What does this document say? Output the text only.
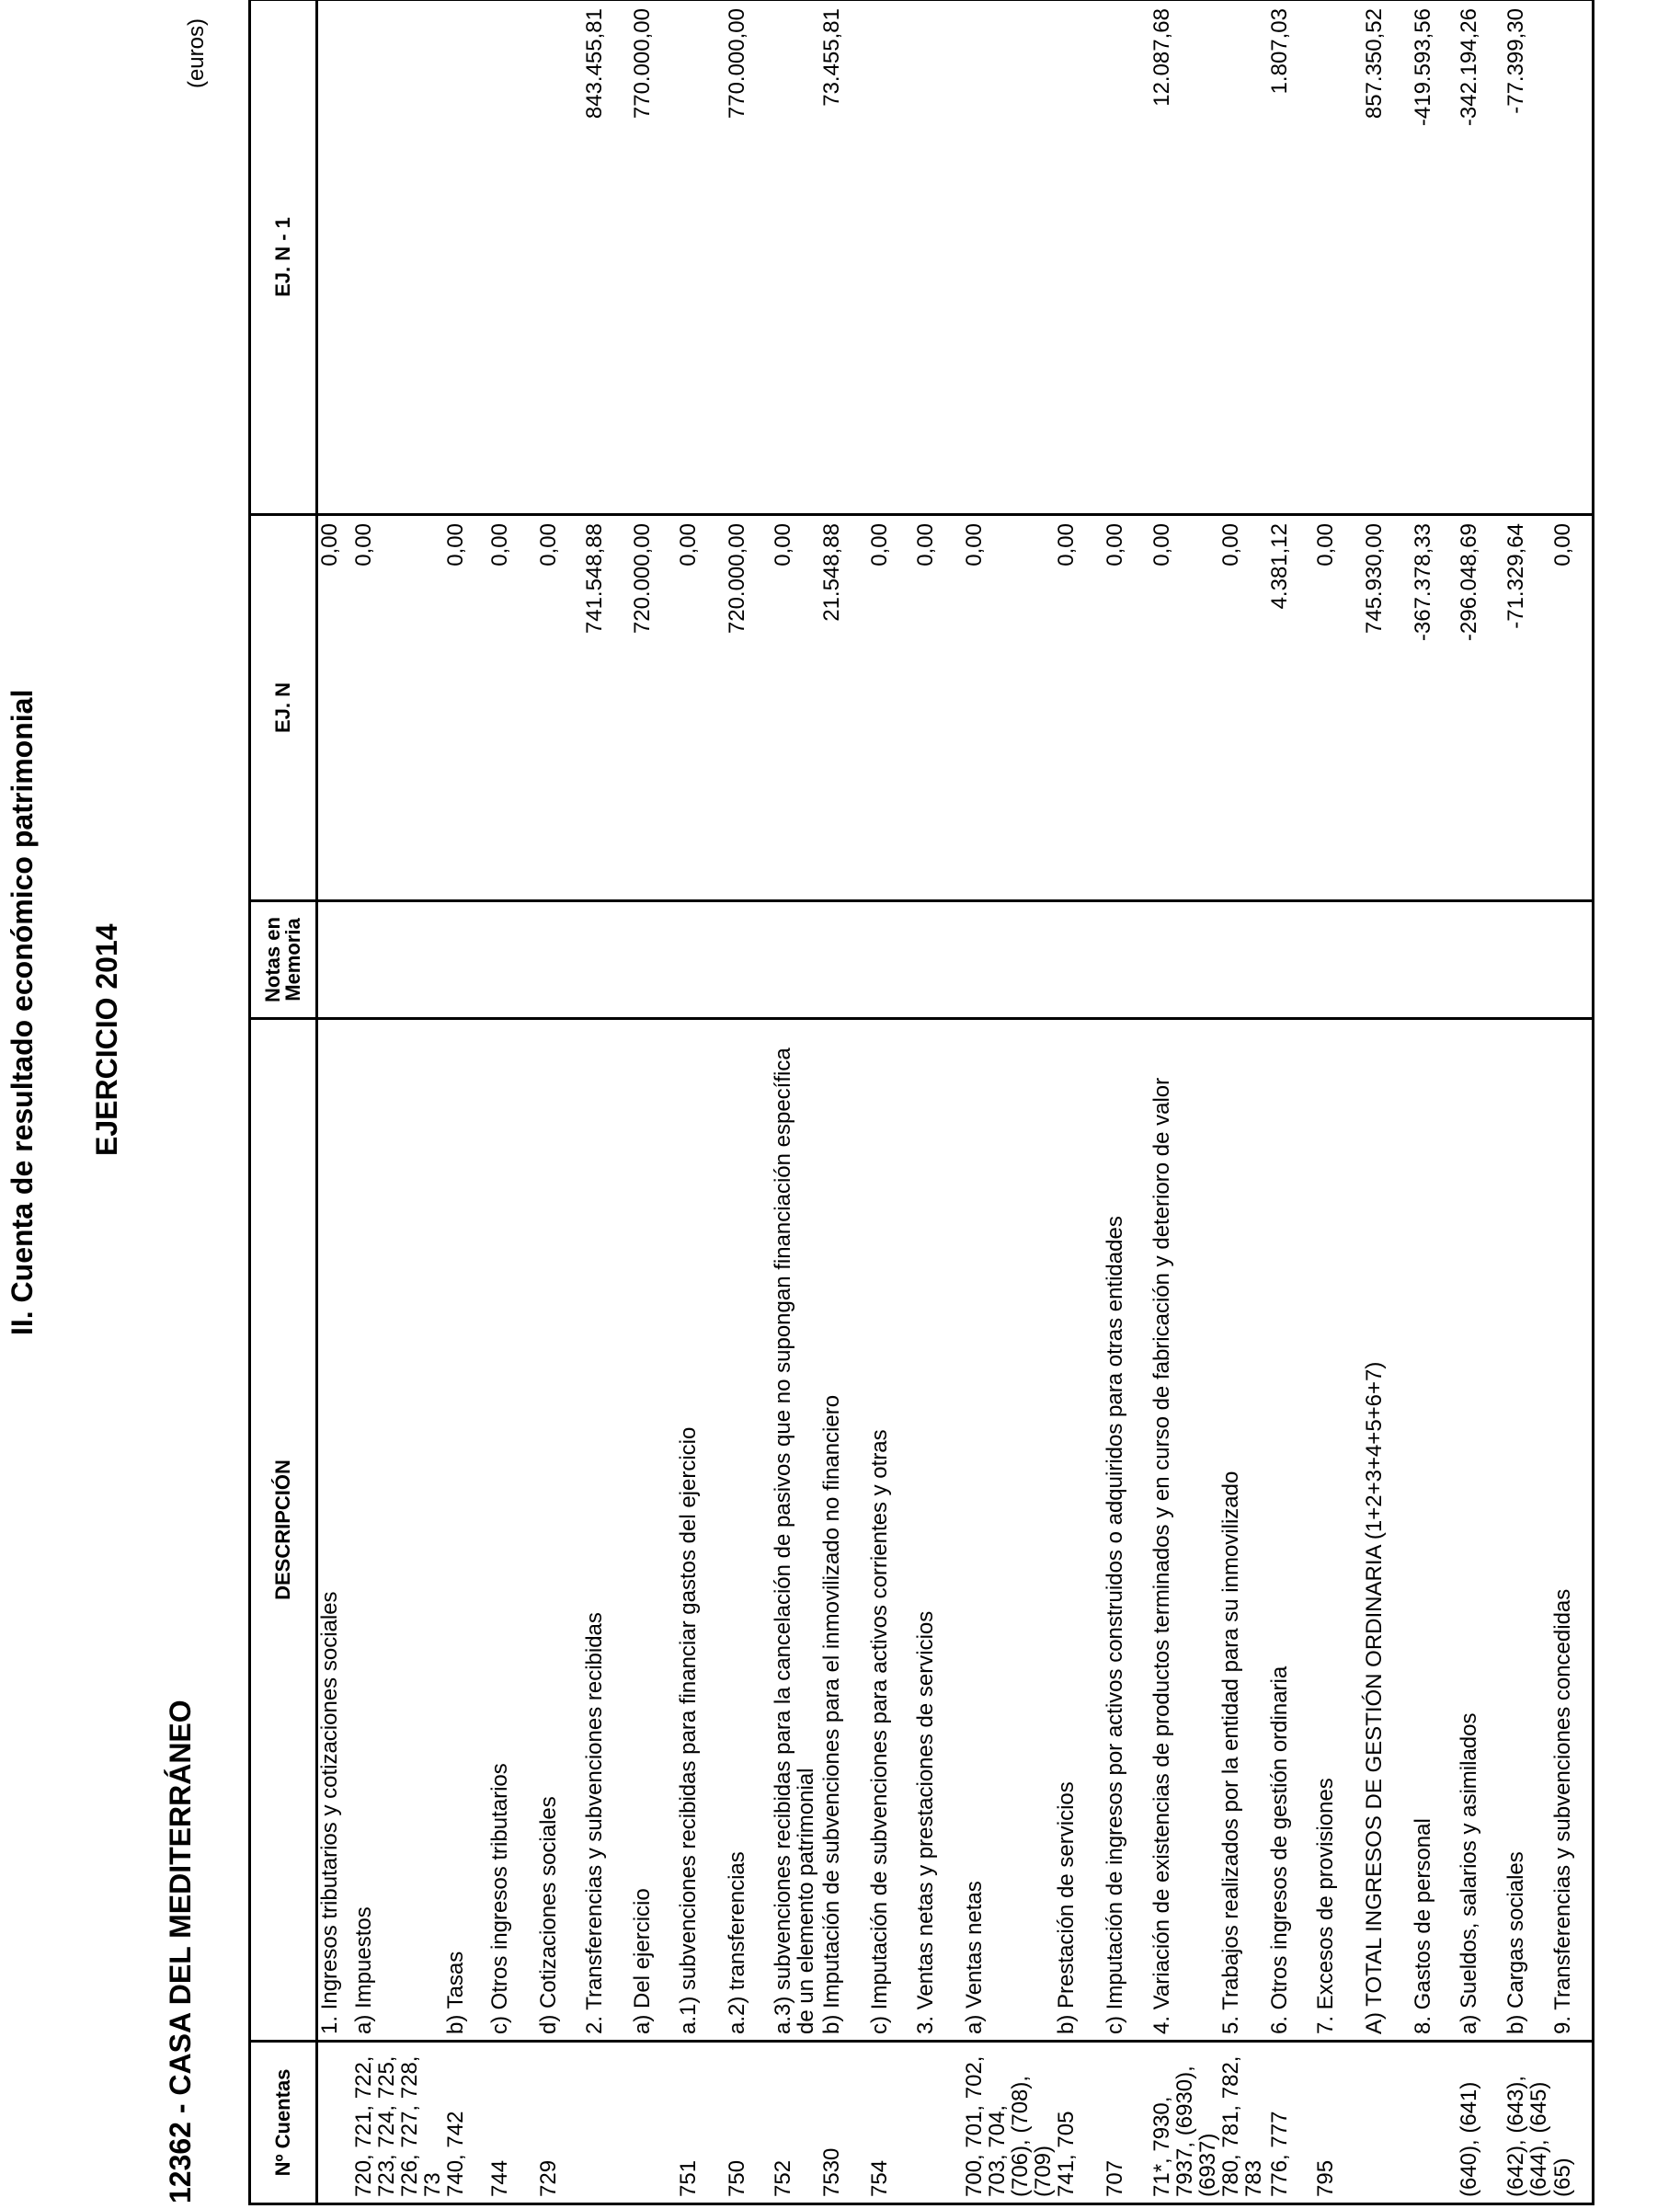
II. Cuenta de resultado económico patrimonial EJERCICIO 2014
12362 - CASA DEL MEDITERRÁNEO
(euros)
Nº Cuentas	DESCRIPCIÓN	Notas en Memoria	EJ. N	EJ. N - 1
	1. Ingresos tributarios y cotizaciones sociales		0,00	
720, 721, 722, 723, 724, 725, 726, 727, 728, 73	a) Impuestos		0,00	
740, 742	b) Tasas		0,00	
744	c) Otros ingresos tributarios		0,00	
729	d) Cotizaciones sociales		0,00	
	2. Transferencias y subvenciones recibidas		741.548,88	843.455,81
	a) Del ejercicio		720.000,00	770.000,00
751	a.1) subvenciones recibidas para financiar gastos del ejercicio		0,00	
750	a.2) transferencias		720.000,00	770.000,00
752	a.3) subvenciones recibidas para la cancelación de pasivos que no supongan financiación específica de un elemento patrimonial		0,00	
7530	b) Imputación de subvenciones para el inmovilizado no financiero		21.548,88	73.455,81
754	c) Imputación de subvenciones para activos corrientes y otras		0,00	
	3. Ventas netas y prestaciones de servicios		0,00	
700, 701, 702, 703, 704, (706), (708), (709)	a) Ventas netas		0,00	
741, 705	b) Prestación de servicios		0,00	
707	c) Imputación de ingresos por activos construidos o adquiridos para otras entidades		0,00	
71*, 7930, 7937, (6930), (6937)	4. Variación de existencias de productos terminados y en curso de fabricación y deterioro de valor		0,00	12.087,68
780, 781, 782, 783	5. Trabajos realizados por la entidad para su inmovilizado		0,00	
776, 777	6. Otros ingresos de gestión ordinaria		4.381,12	1.807,03
795	7. Excesos de provisiones		0,00	
	A) TOTAL INGRESOS DE GESTIÓN ORDINARIA (1+2+3+4+5+6+7)		745.930,00	857.350,52
	8. Gastos de personal		-367.378,33	-419.593,56
(640), (641)	a) Sueldos, salarios y asimilados		-296.048,69	-342.194,26
(642), (643), (644), (645)	b) Cargas sociales		-71.329,64	-77.399,30
(65)	9. Transferencias y subvenciones concedidas		0,00	
